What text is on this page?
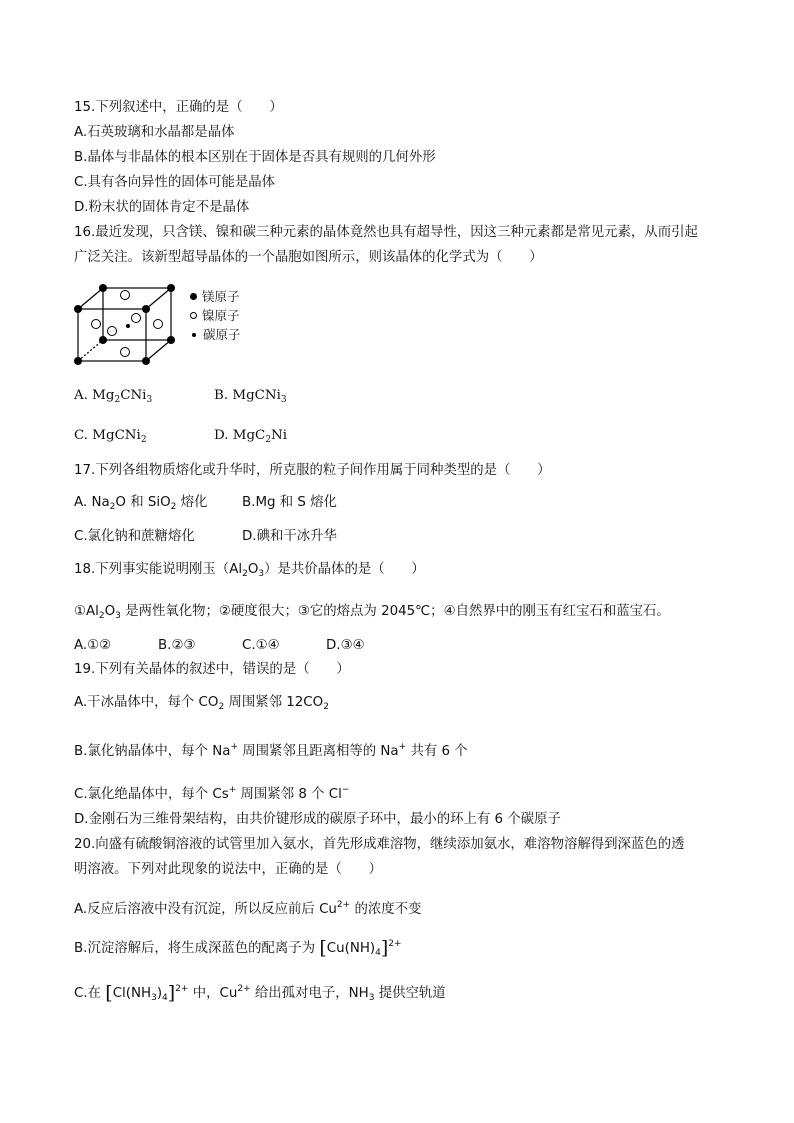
15.下列叙述中，正确的是（　　）
A.石英玻璃和水晶都是晶体
B.晶体与非晶体的根本区别在于固体是否具有规则的几何外形
C.具有各向异性的固体可能是晶体
D.粉末状的固体肯定不是晶体
16.最近发现，只含镁、镍和碳三种元素的晶体竟然也具有超导性，因这三种元素都是常见元素，从而引起
广泛关注。该新型超导晶体的一个晶胞如图所示，则该晶体的化学式为（　　）
镁原子
镍原子
碳原子
A. $Mg_2CNi_3$	B. MgCNi$_3$
C. MgCNi$_2$	D. MgC$_2$Ni
17.下列各组物质熔化或升华时，所克服的粒子间作用属于同种类型的是（　　）
A. $Na_2O$ 和 SiO$_2$ 熔化	B.Mg 和 S 熔化
C.氯化钠和蔗糖熔化	D.碘和干冰升华
18.下列事实能说明刚玉$(Al_2O_3)$是共价晶体的是（　　）
$①Al_2O_3$ 是两性氧化物；②硬度很大；③它的熔点为 2045℃；④自然界中的刚玉有红宝石和蓝宝石。
A.①②	B.②③	C.①④	D.③④
19.下列有关晶体的叙述中，错误的是（　　）
A.干冰晶体中，每个 $CO_2$ 周围紧邻 $12CO_2$
B.氯化钠晶体中，每个 Na+ 周围紧邻且距离相等的 Na+ 共有 6 个
C.氯化绝晶体中，每个 Cs+ 周围紧邻 8 个 Cl−
D.金刚石为三维骨架结构，由共价键形成的碳原子环中，最小的环上有 6 个碳原子
20.向盛有硫酸铜溶液的试管里加入氨水，首先形成难溶物，继续添加氨水，难溶物溶解得到深蓝色的透
明溶液。下列对此现象的说法中，正确的是（　　）
A.反应后溶液中没有沉淀，所以反应前后 $Cu^{2+}$ 的浓度不变
B.沉淀溶解后，将生成深蓝色的配离子为 $[Cu(NH)_4]^{2+}$
C.在 $[Cl(NH_3)_4]^{2+}$ 中，$Cu^{2+}$ 给出孤对电子，$NH_3$ 提供空轨道
